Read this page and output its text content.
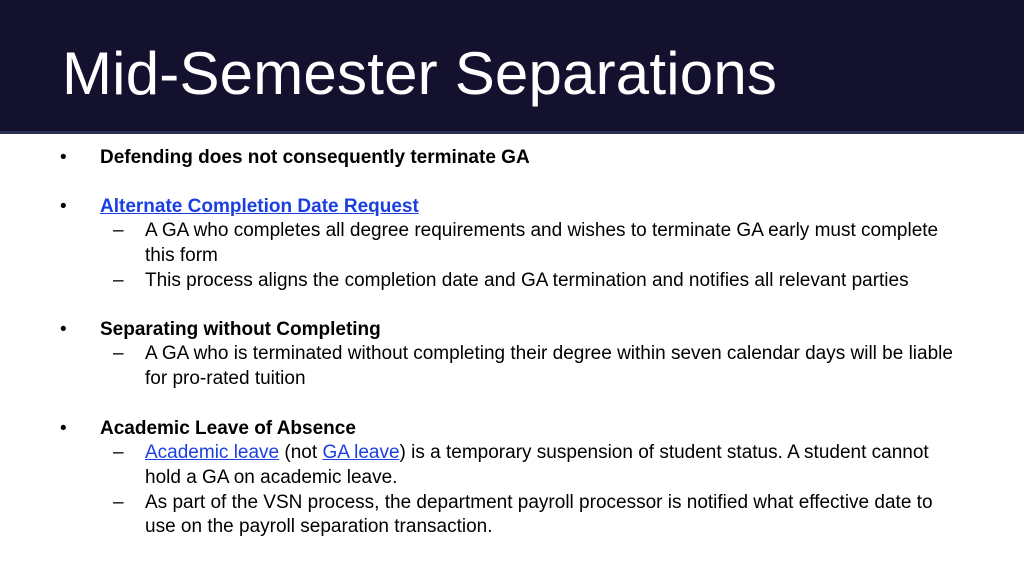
Mid-Semester Separations
• Defending does not consequently terminate GA
• Alternate Completion Date Request
– A GA who completes all degree requirements and wishes to terminate GA early must complete this form
– This process aligns the completion date and GA termination and notifies all relevant parties
• Separating without Completing
– A GA who is terminated without completing their degree within seven calendar days will be liable for pro-rated tuition
• Academic Leave of Absence
– Academic leave (not GA leave) is a temporary suspension of student status. A student cannot hold a GA on academic leave.
– As part of the VSN process, the department payroll processor is notified what effective date to use on the payroll separation transaction.
